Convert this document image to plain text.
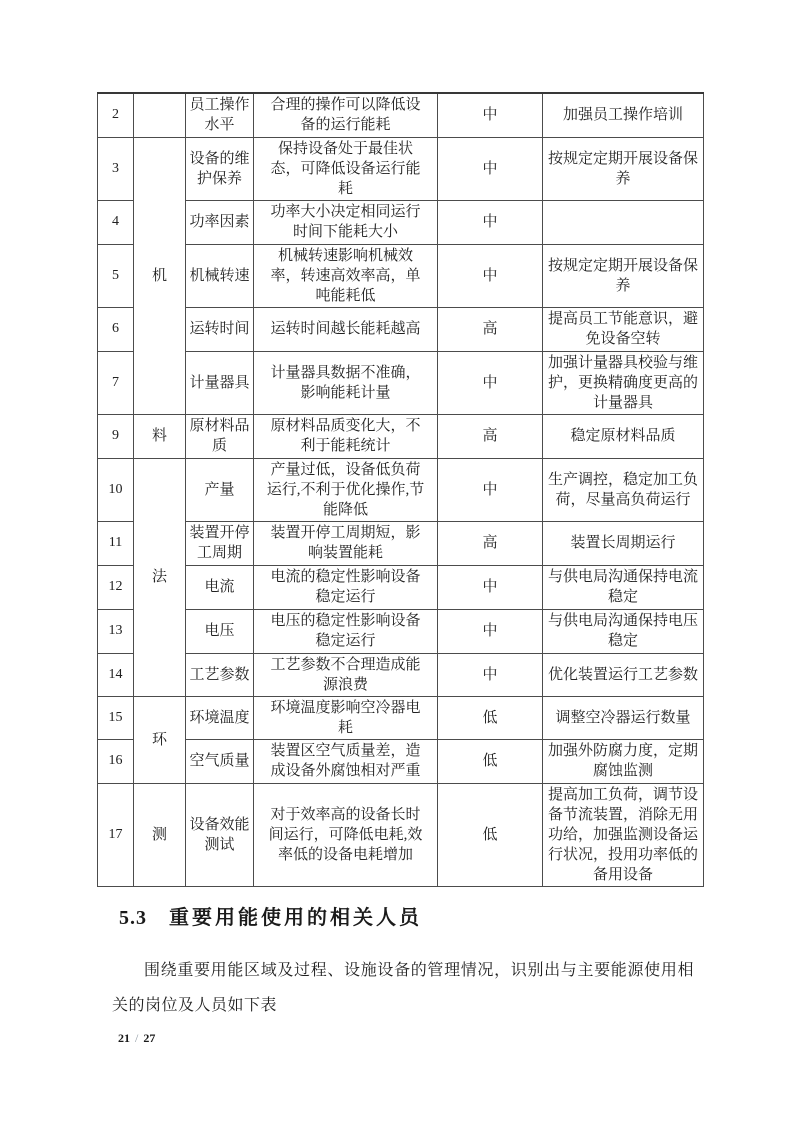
2		员工操作水平	合理的操作可以降低设备的运行能耗	中	加强员工操作培训
3	机	设备的维护保养	保持设备处于最佳状态，可降低设备运行能耗	中	按规定定期开展设备保养
4		功率因素	功率大小决定相同运行时间下能耗大小	中	
5		机械转速	机械转速影响机械效率，转速高效率高，单吨能耗低	中	按规定定期开展设备保养
6		运转时间	运转时间越长能耗越高	高	提高员工节能意识，避免设备空转
7		计量器具	计量器具数据不准确，影响能耗计量	中	加强计量器具校验与维护，更换精确度更高的计量器具
9	料	原材料品质	原材料品质变化大，不利于能耗统计	高	稳定原材料品质
10	法	产量	产量过低，设备低负荷运行,不利于优化操作,节能降低	中	生产调控，稳定加工负荷，尽量高负荷运行
11		装置开停工周期	装置开停工周期短，影响装置能耗	高	装置长周期运行
12		电流	电流的稳定性影响设备稳定运行	中	与供电局沟通保持电流稳定
13		电压	电压的稳定性影响设备稳定运行	中	与供电局沟通保持电压稳定
14		工艺参数	工艺参数不合理造成能源浪费	中	优化装置运行工艺参数
15	环	环境温度	环境温度影响空冷器电耗	低	调整空冷器运行数量
16		空气质量	装置区空气质量差，造成设备外腐蚀相对严重	低	加强外防腐力度，定期腐蚀监测
17	测	设备效能测试	对于效率高的设备长时间运行，可降低电耗,效率低的设备电耗增加	低	提高加工负荷，调节设备节流装置，消除无用功给，加强监测设备运行状况，投用功率低的备用设备
5.3 重要用能使用的相关人员

围绕重要用能区域及过程、设施设备的管理情况，识别出与主要能源使用相关的岗位及人员如下表

21 / 27
